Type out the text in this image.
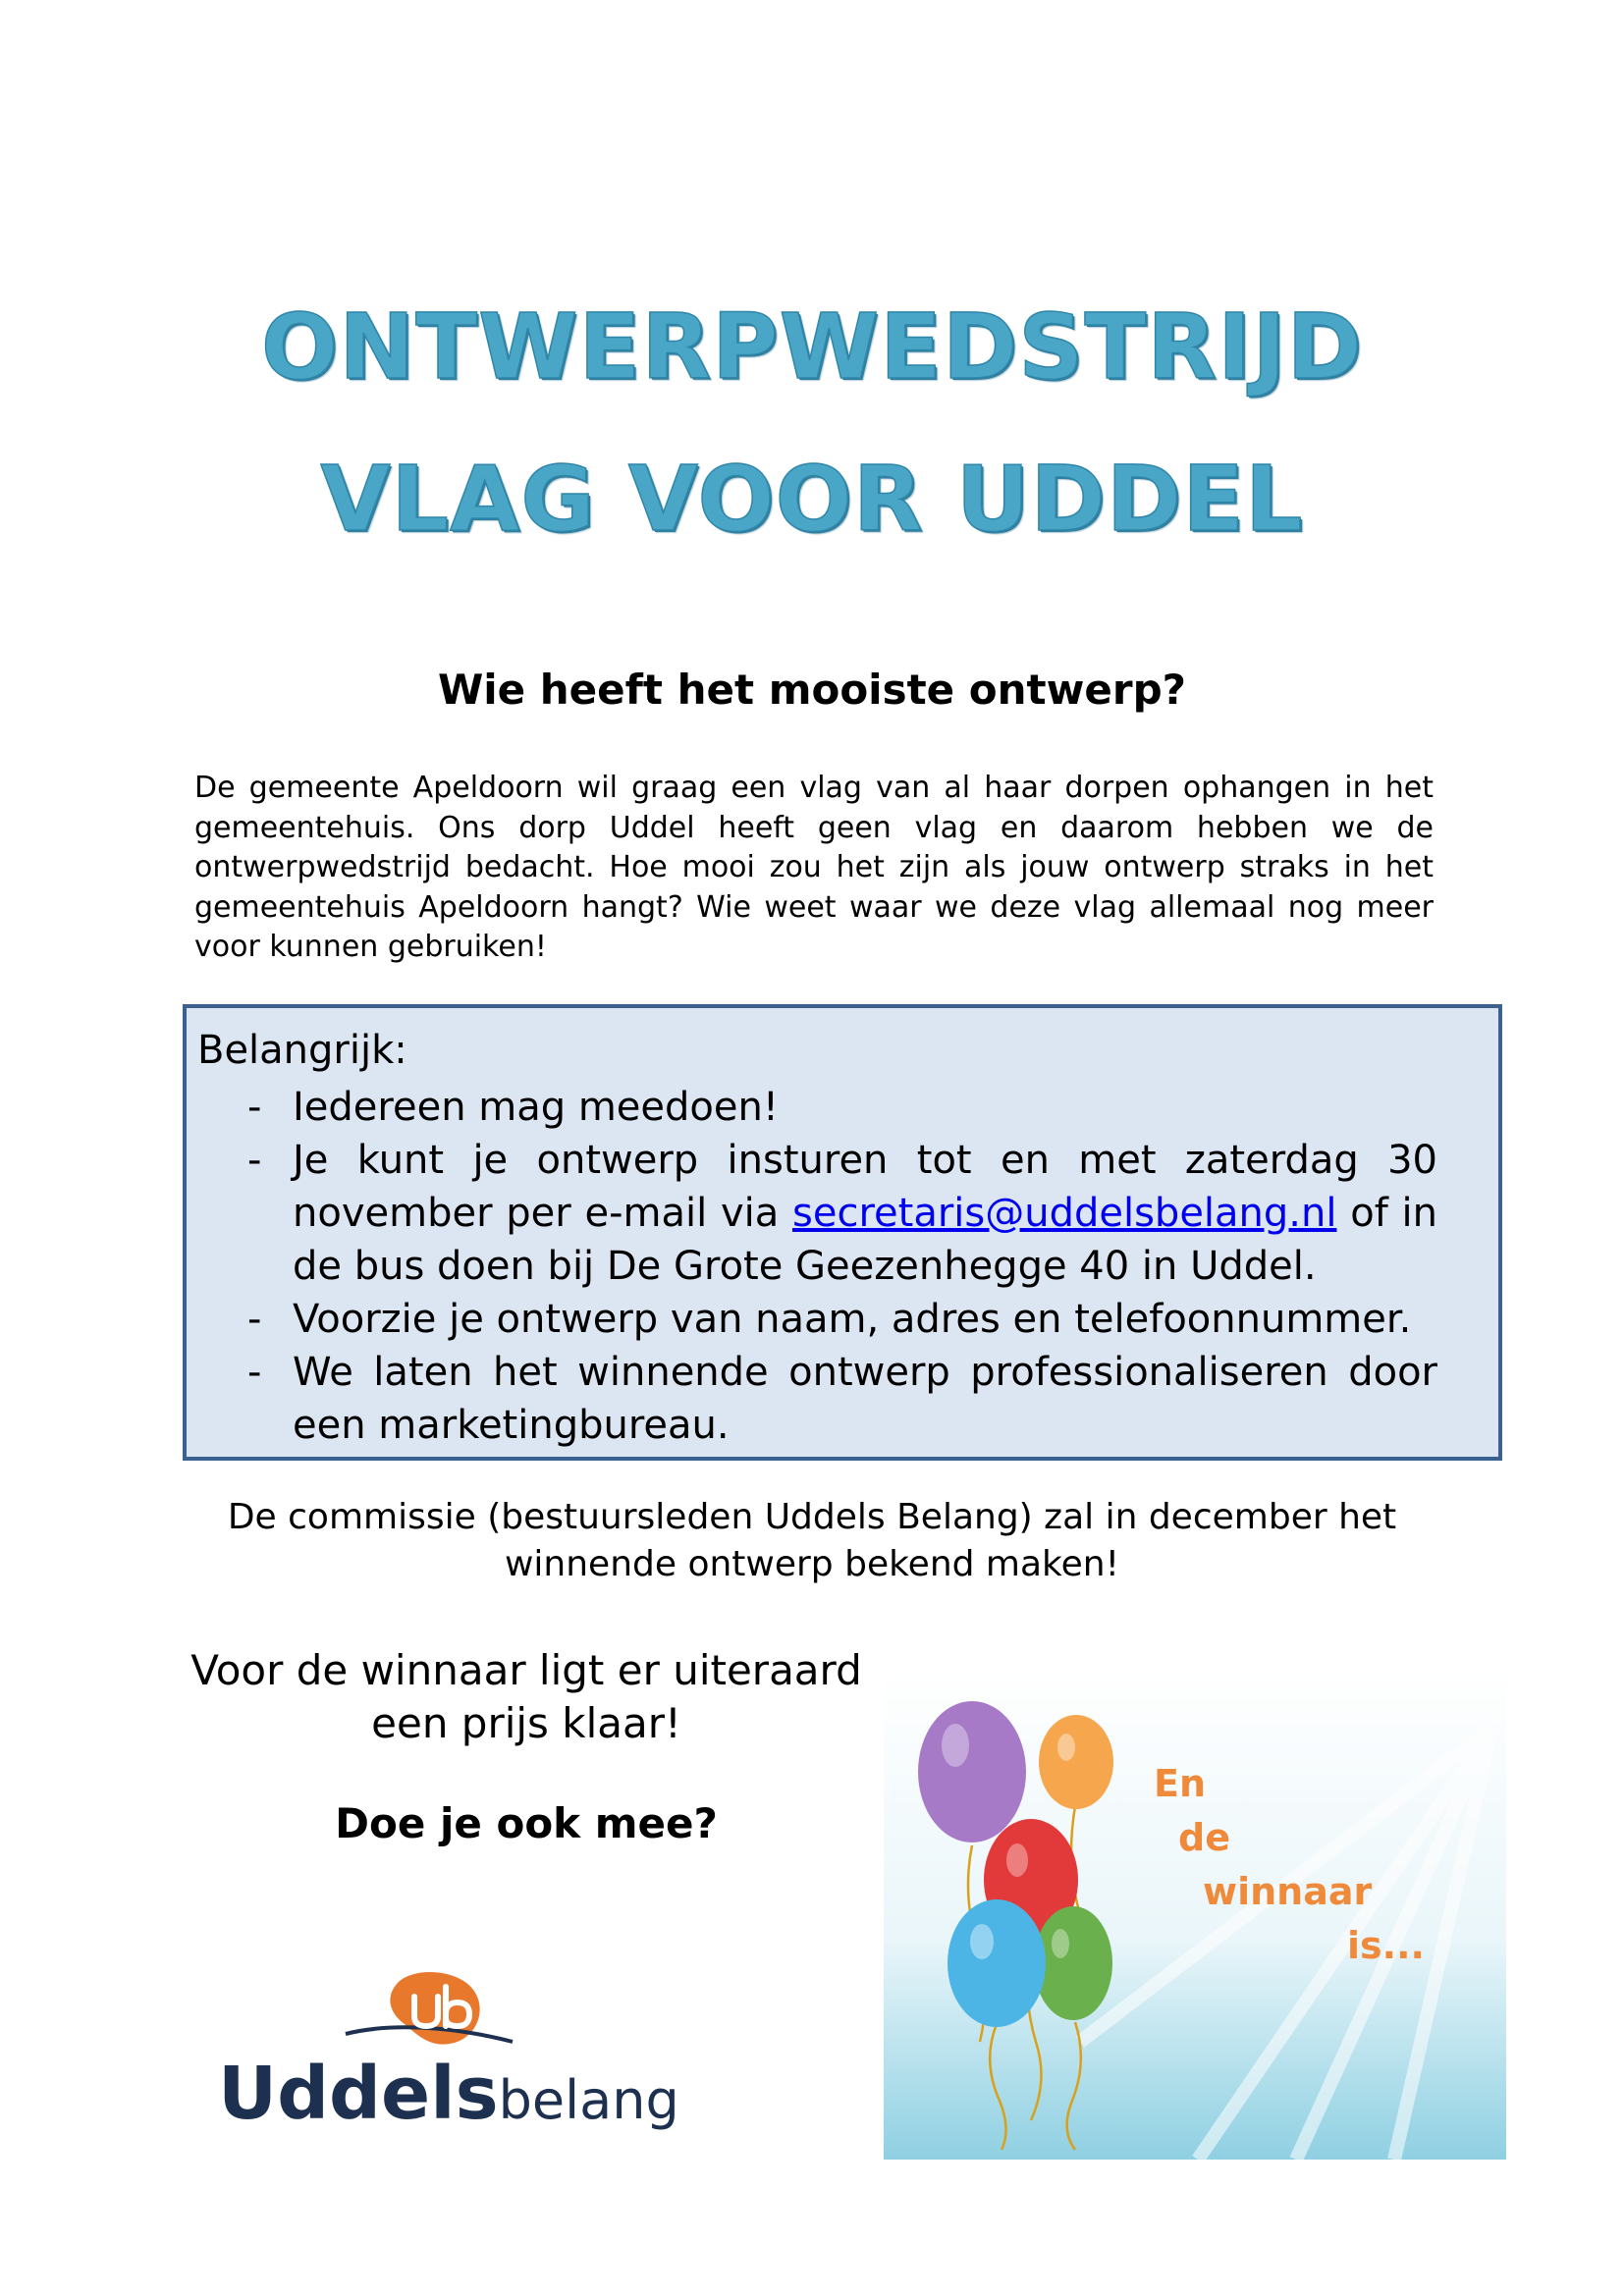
ONTWERPWEDSTRIJD
VLAG VOOR UDDEL
Wie heeft het mooiste ontwerp?
De gemeente Apeldoorn wil graag een vlag van al haar dorpen ophangen in het gemeentehuis. Ons dorp Uddel heeft geen vlag en daarom hebben we de ontwerpwedstrijd bedacht. Hoe mooi zou het zijn als jouw ontwerp straks in het gemeentehuis Apeldoorn hangt? Wie weet waar we deze vlag allemaal nog meer voor kunnen gebruiken!
Belangrijk:
- Iedereen mag meedoen!
- Je kunt je ontwerp insturen tot en met zaterdag 30 november per e-mail via secretaris@uddelsbelang.nl of in de bus doen bij De Grote Geezenhegge 40 in Uddel.
- Voorzie je ontwerp van naam, adres en telefoonnummer.
- We laten het winnende ontwerp professionaliseren door een marketingbureau.
De commissie (bestuursleden Uddels Belang) zal in december het
winnende ontwerp bekend maken!
Voor de winnaar ligt er uiteraard
een prijs klaar!
Doe je ook mee?
Uddelsbelang
En
de
winnaar
is...
